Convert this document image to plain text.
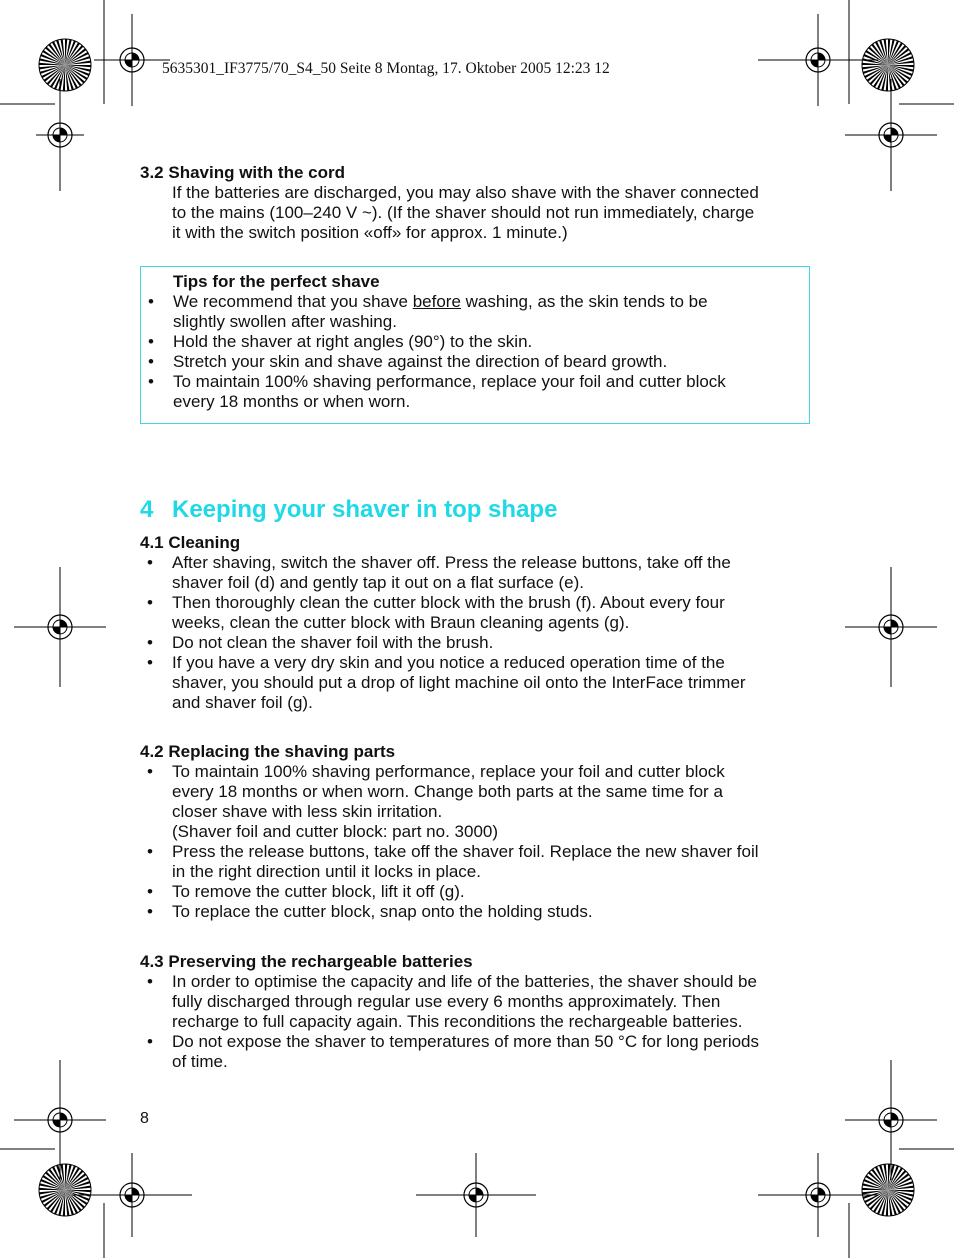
5635301_IF3775/70_S4_50 Seite 8 Montag, 17. Oktober 2005 12:23 12

3.2 Shaving with the cord

If the batteries are discharged, you may also shave with the shaver connected

to the mains (100–240 V ~). (If the shaver should not run immediately, charge

it with the switch position «off» for approx. 1 minute.)

Tips for the perfect shave

• We recommend that you shave before washing, as the skin tends to be
slightly swollen after washing.
• Hold the shaver at right angles (90°) to the skin.
• Stretch your skin and shave against the direction of beard growth.
• To maintain 100% shaving performance, replace your foil and cutter block
every 18 months or when worn.
4 Keeping your shaver in top shape

4.1 Cleaning

• After shaving, switch the shaver off. Press the release buttons, take off the
shaver foil (d) and gently tap it out on a flat surface (e).
• Then thoroughly clean the cutter block with the brush (f). About every four
weeks, clean the cutter block with Braun cleaning agents (g).
• Do not clean the shaver foil with the brush.
• If you have a very dry skin and you notice a reduced operation time of the
shaver, you should put a drop of light machine oil onto the InterFace trimmer
and shaver foil (g).

4.2 Replacing the shaving parts

• To maintain 100% shaving performance, replace your foil and cutter block
every 18 months or when worn. Change both parts at the same time for a
closer shave with less skin irritation.
(Shaver foil and cutter block: part no. 3000)
• Press the release buttons, take off the shaver foil. Replace the new shaver foil
in the right direction until it locks in place.
• To remove the cutter block, lift it off (g).
• To replace the cutter block, snap onto the holding studs.

4.3 Preserving the rechargeable batteries

• In order to optimise the capacity and life of the batteries, the shaver should be
fully discharged through regular use every 6 months approximately. Then
recharge to full capacity again. This reconditions the rechargeable batteries.
• Do not expose the shaver to temperatures of more than 50 °C for long periods
of time.
8
